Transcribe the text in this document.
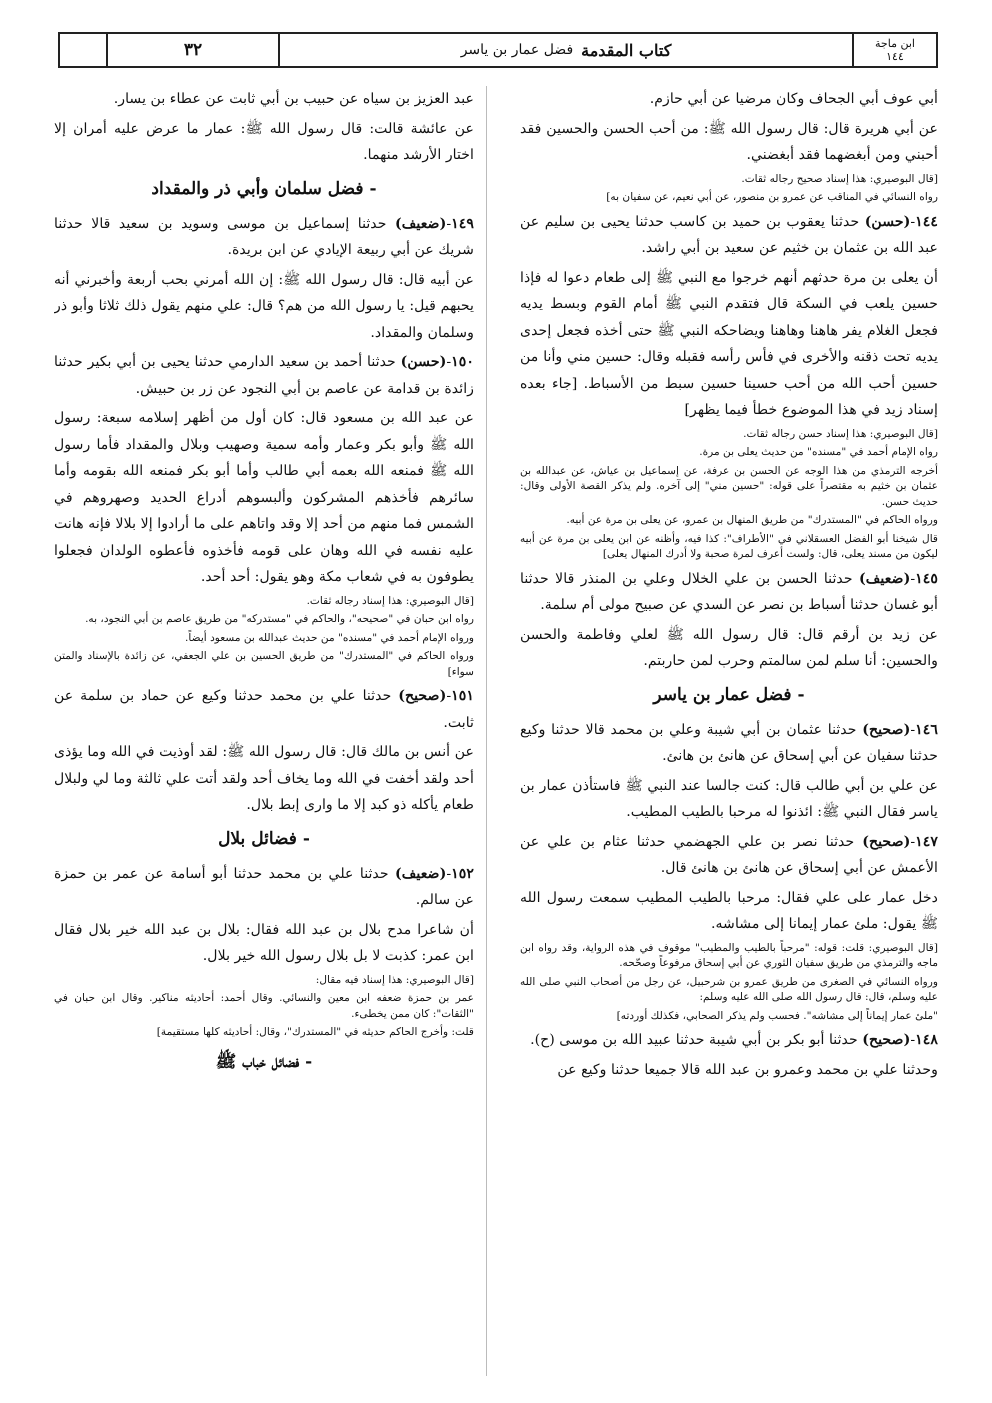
ابن ماجة
١٤٤
كتاب المقدمة
فضل عمار بن ياسر
٣٢
أبي عوف أبي الجحاف وكان مرضيا عن أبي حازم.
عن أبي هريرة قال: قال رسول الله ﷺ: من أحب الحسن والحسين فقد أحبني ومن أبغضهما فقد أبغضني.
[قال البوصيري: هذا إسناد صحيح رجاله ثقات.
رواه النسائي في المناقب عن عمرو بن منصور، عن أبي نعيم، عن سفيان به]
١٤٤-(حسن) حدثنا يعقوب بن حميد بن كاسب حدثنا يحيى بن سليم عن عبد الله بن عثمان بن خثيم عن سعيد بن أبي راشد.
أن يعلى بن مرة حدثهم أنهم خرجوا مع النبي ﷺ إلى طعام دعوا له فإذا حسين يلعب في السكة قال فتقدم النبي ﷺ أمام القوم وبسط يديه فجعل الغلام يفر هاهنا وهاهنا ويضاحكه النبي ﷺ حتى أخذه فجعل إحدى يديه تحت ذقنه والأخرى في فأس رأسه فقبله وقال: حسين مني وأنا من حسين أحب الله من أحب حسينا حسين سبط من الأسباط. [جاء بعده إسناد زيد في هذا الموضوع خطأ فيما يظهر]
[قال البوصيري: هذا إسناد حسن رجاله ثقات.
رواه الإمام أحمد في "مسنده" من حديث يعلى بن مرة.
أخرجه الترمذي من هذا الوجه عن الحسن بن عرفة، عن إسماعيل بن عياش، عن عبدالله بن عثمان بن خثيم به مقتصراً على قوله: "حسين مني" إلى آخره. ولم يذكر القصة الأولى وقال: حديث حسن.
ورواه الحاكم في "المستدرك" من طريق المنهال بن عمرو، عن يعلى بن مرة عن أبيه.
قال شيخنا أبو الفضل العسقلاني في "الأطراف": كذا فيه، وأظنه عن ابن يعلى بن مرة عن أبيه ليكون من مسند يعلى، قال: ولست أعرف لمرة صحبة ولا أدرك المنهال يعلى]
١٤٥-(ضعيف) حدثنا الحسن بن علي الخلال وعلي بن المنذر قالا حدثنا أبو غسان حدثنا أسباط بن نصر عن السدي عن صبيح مولى أم سلمة.
عن زيد بن أرقم قال: قال رسول الله ﷺ لعلي وفاطمة والحسن والحسين: أنا سلم لمن سالمتم وحرب لمن حاربتم.
-فضل عمار بن ياسر
١٤٦-(صحيح) حدثنا عثمان بن أبي شيبة وعلي بن محمد قالا حدثنا وكيع حدثنا سفيان عن أبي إسحاق عن هانئ بن هانئ.
عن علي بن أبي طالب قال: كنت جالسا عند النبي ﷺ فاستأذن عمار بن ياسر فقال النبي ﷺ: ائذنوا له مرحبا بالطيب المطيب.
١٤٧-(صحيح) حدثنا نصر بن علي الجهضمي حدثنا عثام بن علي عن الأعمش عن أبي إسحاق عن هانئ بن هانئ قال.
دخل عمار على علي فقال: مرحبا بالطيب المطيب سمعت رسول الله ﷺ يقول: ملئ عمار إيمانا إلى مشاشه.
[قال البوصيري: قلت: قوله: "مرحباً بالطيب والمطيب" موقوف في هذه الرواية، وقد رواه ابن ماجه والترمذي من طريق سفيان الثوري عن أبي إسحاق مرفوعاً وصحّحه.
ورواه النسائي في الصغرى من طريق عمرو بن شرحبيل، عن رجل من أصحاب النبي صلى الله عليه وسلم، قال: قال رسول الله صلى الله عليه وسلم:
"ملئ عمار إيماناً إلى مشاشه". فحسب ولم يذكر الصحابي، فكذلك أوردته]
١٤٨-(صحيح) حدثنا أبو بكر بن أبي شيبة حدثنا عبيد الله بن موسى (ح).
وحدثنا علي بن محمد وعمرو بن عبد الله قالا جميعا حدثنا وكيع عن
عبد العزيز بن سياه عن حبيب بن أبي ثابت عن عطاء بن يسار.
عن عائشة قالت: قال رسول الله ﷺ: عمار ما عرض عليه أمران إلا اختار الأرشد منهما.
-فضل سلمان وأبي ذر والمقداد
١٤٩-(ضعيف) حدثنا إسماعيل بن موسى وسويد بن سعيد قالا حدثنا شريك عن أبي ربيعة الإيادي عن ابن بريدة.
عن أبيه قال: قال رسول الله ﷺ: إن الله أمرني بحب أربعة وأخبرني أنه يحبهم قيل: يا رسول الله من هم؟ قال: علي منهم يقول ذلك ثلاثا وأبو ذر وسلمان والمقداد.
١٥٠-(حسن) حدثنا أحمد بن سعيد الدارمي حدثنا يحيى بن أبي بكير حدثنا زائدة بن قدامة عن عاصم بن أبي النجود عن زر بن حبيش.
عن عبد الله بن مسعود قال: كان أول من أظهر إسلامه سبعة: رسول الله ﷺ وأبو بكر وعمار وأمه سمية وصهيب وبلال والمقداد فأما رسول الله ﷺ فمنعه الله بعمه أبي طالب وأما أبو بكر فمنعه الله بقومه وأما سائرهم فأخذهم المشركون وألبسوهم أدراع الحديد وصهروهم في الشمس فما منهم من أحد إلا وقد واتاهم على ما أرادوا إلا بلالا فإنه هانت عليه نفسه في الله وهان على قومه فأخذوه فأعطوه الولدان فجعلوا يطوفون به في شعاب مكة وهو يقول: أحد أحد.
[قال البوصيري: هذا إسناد رجاله ثقات.
رواه ابن حبان في "صحيحه"، والحاكم في "مستدركه" من طريق عاصم بن أبي النجود، به.
ورواه الإمام أحمد في "مسنده" من حديث عبدالله بن مسعود أيضاً.
ورواه الحاكم في "المستدرك" من طريق الحسين بن علي الجعفي، عن زائدة بالإسناد والمتن سواء]
١٥١-(صحيح) حدثنا علي بن محمد حدثنا وكيع عن حماد بن سلمة عن ثابت.
عن أنس بن مالك قال: قال رسول الله ﷺ: لقد أوذيت في الله وما يؤذى أحد ولقد أخفت في الله وما يخاف أحد ولقد أتت علي ثالثة وما لي ولبلال طعام يأكله ذو كبد إلا ما وارى إبط بلال.
-فضائل بلال
١٥٢-(ضعيف) حدثنا علي بن محمد حدثنا أبو أسامة عن عمر بن حمزة عن سالم.
أن شاعرا مدح بلال بن عبد الله فقال: بلال بن عبد الله خير بلال فقال ابن عمر: كذبت لا بل بلال رسول الله خير بلال.
[قال البوصيري: هذا إسناد فيه مقال:
عمر بن حمزة ضعفه ابن معين والنسائي. وقال أحمد: أحاديثه مناكير. وقال ابن حبان في "الثقات": كان ممن يخطىء.
قلت: وأخرج الحاكم حديثه في "المستدرك"، وقال: أحاديثه كلها مستقيمة]
-فضائل خباب ﷺ
